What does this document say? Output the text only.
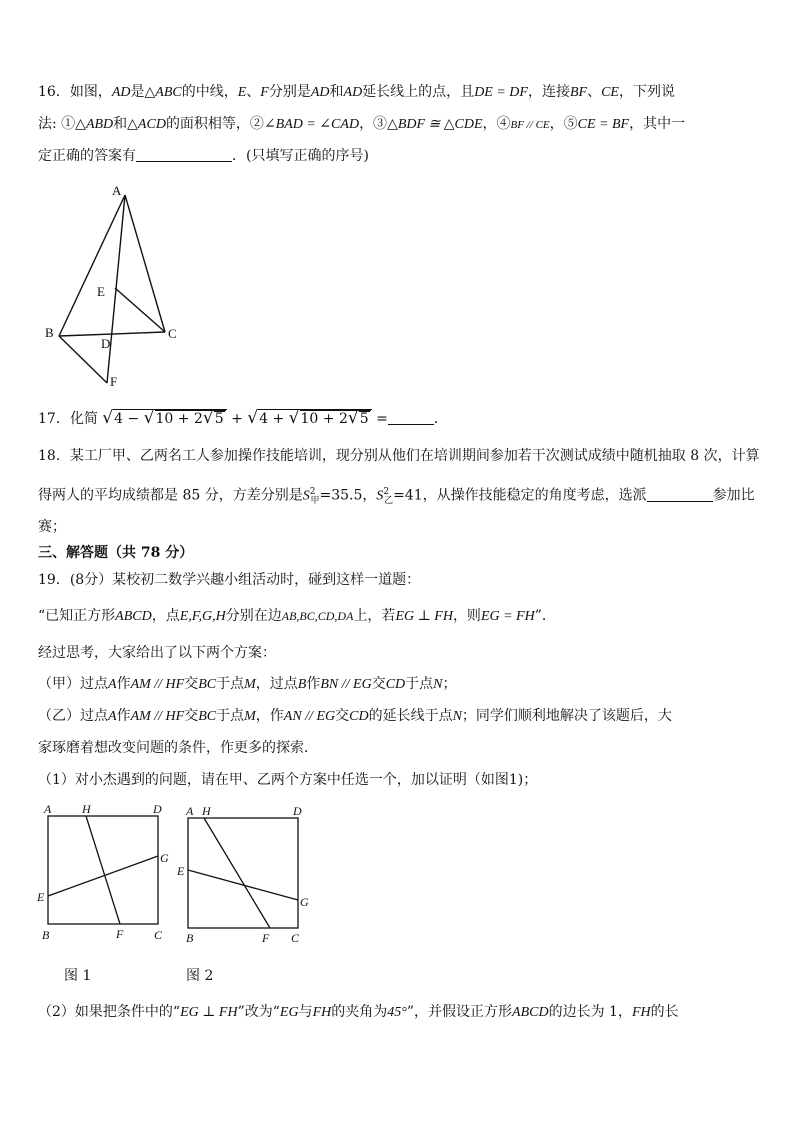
16．如图，AD是△ABC的中线，E、F分别是AD和AD延长线上的点，且DE = DF，连接BF、CE，下列说
法: ①△ABD和△ACD的面积相等，②∠BAD = ∠CAD，③△BDF ≅ △CDE，④BF // CE，⑤CE = BF，其中一
定正确的答案有	．(只填写正确的序号)
A
B	C
D
E
F
17．化简 √4 − √10 + 2√5 + √4 + √10 + 2√5 =	．
18．某工厂甲、乙两名工人参加操作技能培训，现分别从他们在培训期间参加若干次测试成绩中随机抽取 8 次，计算
得两人的平均成绩都是 85 分，方差分别是$S^2_甲=35.5$，$S^2_乙=41$，从操作技能稳定的角度考虑，选派	参加比
赛；
三、解答题（共 78 分）
19．(8分）某校初二数学兴趣小组活动时，碰到这样一道题：
“已知正方形ABCD，点E,F,G,H分别在边AB,BC,CD,DA上，若EG ⊥ FH，则EG = FH”．
经过思考，大家给出了以下两个方案：
（甲）过点A作AM // HF交BC于点M，过点B作BN // EG交CD于点N；
（乙）过点A作AM // HF交BC于点M，作AN // EG交CD的延长线于点N；同学们顺利地解决了该题后，大
家琢磨着想改变问题的条件，作更多的探索．
（1）对小杰遇到的问题，请在甲、乙两个方案中任选一个，加以证明（如图1)；
A	H	D
G
E
B	F	C
图 1
A H	D
E
G
B	F C
图 2
（2）如果把条件中的“EG ⊥ FH”改为“EG与FH的夹角为45°”，并假设正方形ABCD的边长为 1，FH的长
